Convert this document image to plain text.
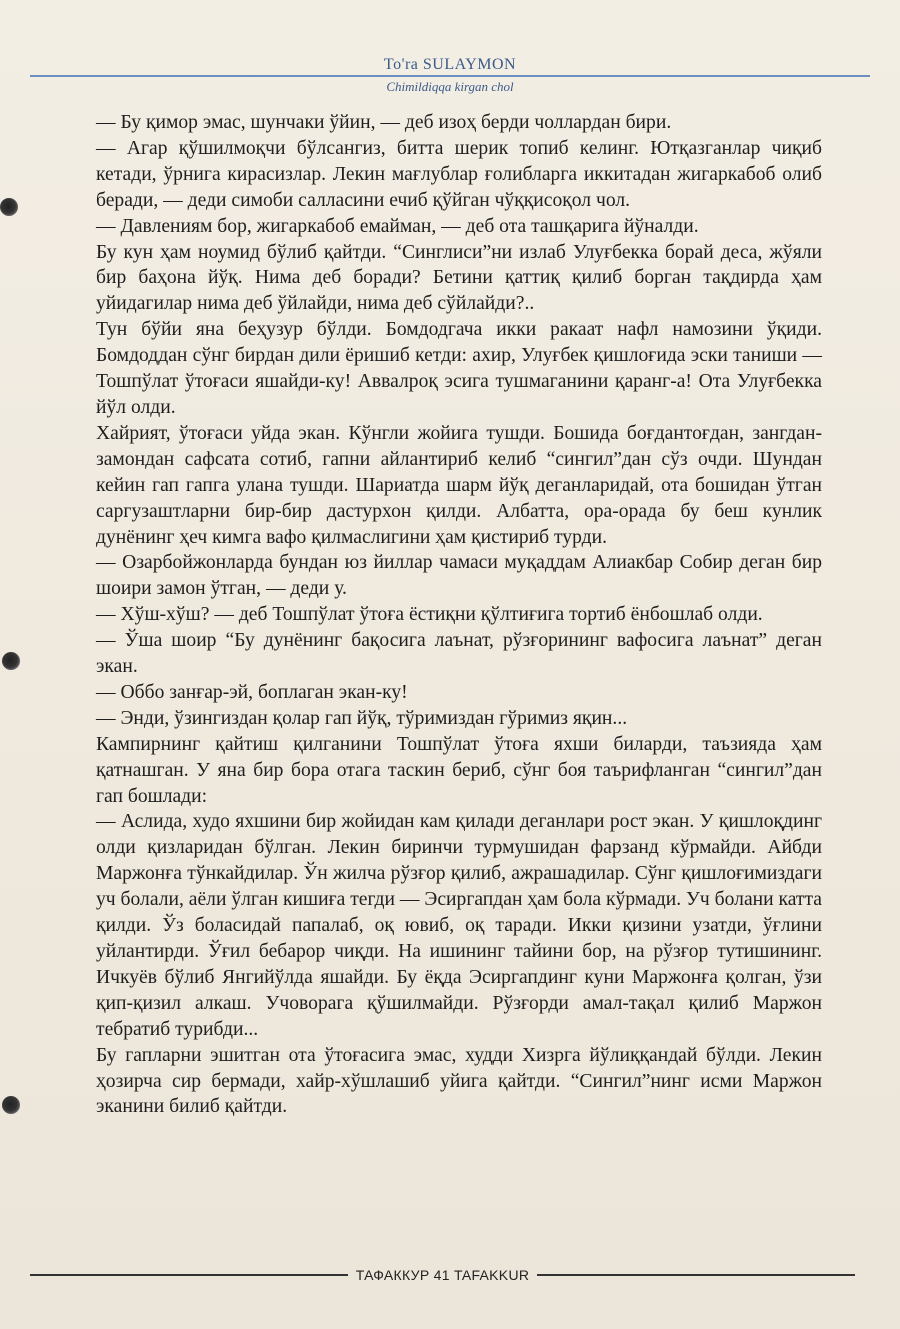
To'ra SULAYMON
Chimildiqqa kirgan chol

— Бу қимор эмас, шунчаки ўйин, — деб изоҳ берди чоллардан бири.

— Агар қўшилмоқчи бўлсангиз, битта шерик топиб келинг. Ютқазганлар чиқиб кетади, ўрнига кирасизлар. Лекин мағлублар ғолибларга иккитадан жигаркабоб олиб беради, — деди симоби салласини ечиб қўйган чўққисоқол чол.

— Давлениям бор, жигаркабоб емайман, — деб ота ташқарига йўналди.

Бу кун ҳам ноумид бўлиб қайтди. “Синглиси”ни излаб Улуғбекка борай деса, жўяли бир баҳона йўқ. Нима деб боради? Бетини қаттиқ қилиб борган тақдирда ҳам уйидагилар нима деб ўйлайди, нима деб сўйлайди?..

Тун бўйи яна беҳузур бўлди. Бомдодгача икки ракаат нафл намозини ўқиди. Бомдоддан сўнг бирдан дили ёришиб кетди: ахир, Улуғбек қишлоғида эски таниши — Тошпўлат ўтоғаси яшайди-ку! Аввалроқ эсига тушмаганини қаранг-а! Ота Улуғбекка йўл олди.

Хайрият, ўтоғаси уйда экан. Кўнгли жойига тушди. Бошида боғдантоғдан, зангдан-замондан сафсата сотиб, гапни айлантириб келиб “сингил”дан сўз очди. Шундан кейин гап гапга улана тушди. Шариатда шарм йўқ деганларидай, ота бошидан ўтган саргузаштларни бир-бир дастурхон қилди. Албатта, ора-орада бу беш кунлик дунёнинг ҳеч кимга вафо қилмаслигини ҳам қистириб турди.

— Озарбойжонларда бундан юз йиллар чамаси муқаддам Алиакбар Собир деган бир шоири замон ўтган, — деди у.

— Хўш-хўш? — деб Тошпўлат ўтоға ёстиқни қўлтиғига тортиб ёнбошлаб олди.

— Ўша шоир “Бу дунёнинг бақосига лаънат, рўзғорининг вафосига лаънат” деган экан.

— Оббо занғар-эй, боплаган экан-ку!

— Энди, ўзингиздан қолар гап йўқ, тўримиздан гўримиз яқин...

Кампирнинг қайтиш қилганини Тошпўлат ўтоға яхши биларди, таъзияда ҳам қатнашган. У яна бир бора отага таскин бериб, сўнг боя таърифланган “сингил”дан гап бошлади:

— Аслида, худо яхшини бир жойидан кам қилади деганлари рост экан. У қишлоқдинг олди қизларидан бўлган. Лекин биринчи турмушидан фарзанд кўрмайди. Айбди Маржонға тўнкайдилар. Ўн жилча рўзғор қилиб, ажрашадилар. Сўнг қишлоғимиздаги уч болали, аёли ўлган кишиға тегди — Эсиргапдан ҳам бола кўрмади. Уч болани катта қилди. Ўз боласидай папалаб, оқ ювиб, оқ таради. Икки қизини узатди, ўғлини уйлантирди. Ўғил бебарор чиқди. На ишининг тайини бор, на рўзғор тутишининг. Ичкуёв бўлиб Янгийўлда яшайди. Бу ёқда Эсиргапдинг куни Маржонға қолган, ўзи қип-қизил алкаш. Учоворага қўшилмайди. Рўзғорди амал-тақал қилиб Маржон тебратиб турибди...

Бу гапларни эшитган ота ўтоғасига эмас, худди Хизрга йўлиққандай бўлди. Лекин ҳозирча сир бермади, хайр-хўшлашиб уйига қайтди. “Сингил”нинг исми Маржон эканини билиб қайтди.

ТАФАККУР 41 TAFAKKUR
